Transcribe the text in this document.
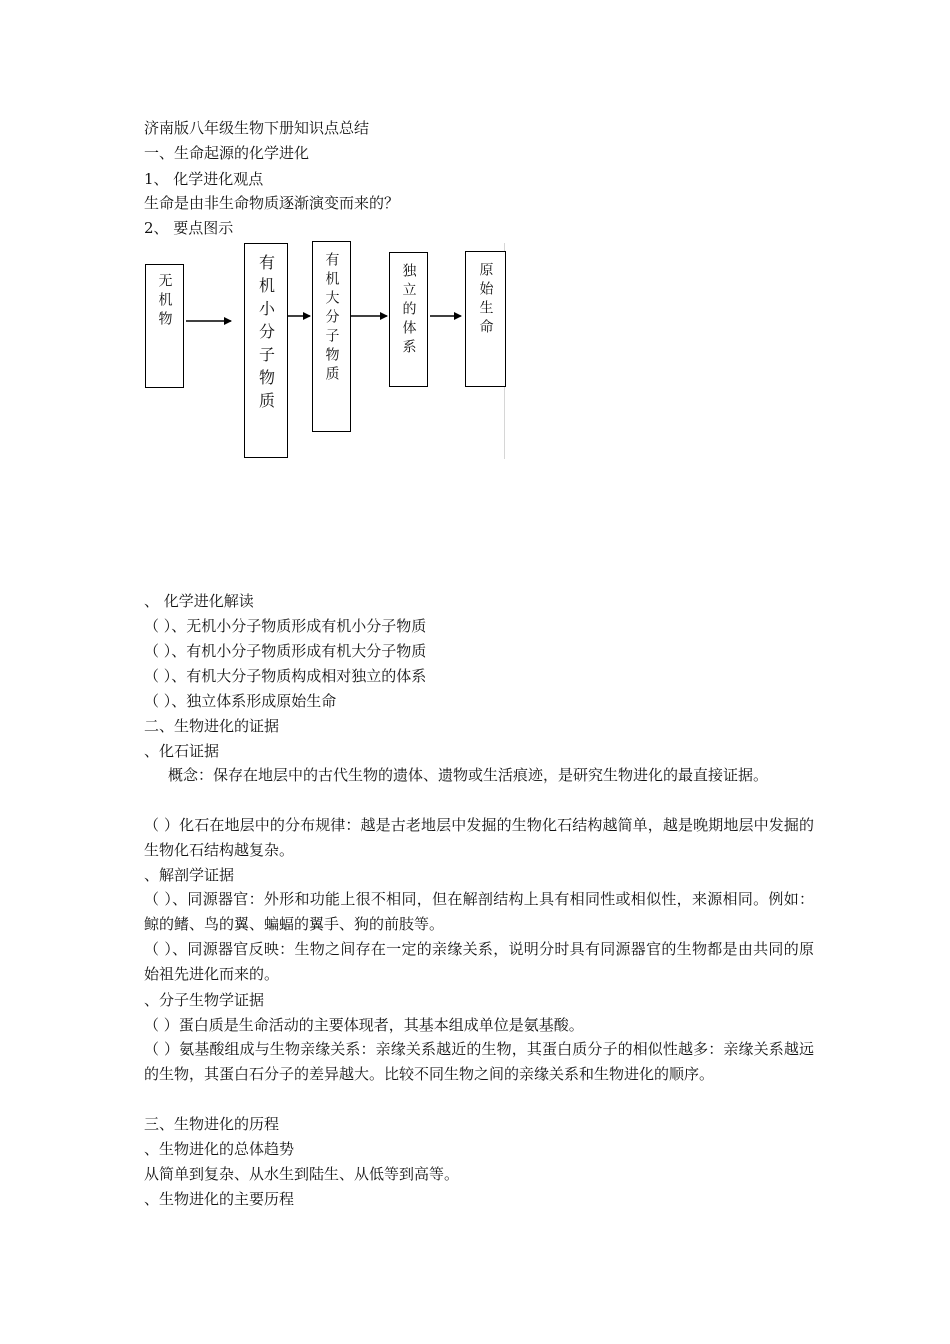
济南版八年级生物下册知识点总结
一、生命起源的化学进化
1、 化学进化观点
生命是由非生命物质逐渐演变而来的？
2、 要点图示
无机物	有机小分子物质	有机大分子物质	独立的体系	原始生命
、 化学进化解读
（ ）、无机小分子物质形成有机小分子物质
（ ）、有机小分子物质形成有机大分子物质
（ ）、有机大分子物质构成相对独立的体系
（ ）、独立体系形成原始生命
二、生物进化的证据
、化石证据
概念：保存在地层中的古代生物的遗体、遗物或生活痕迹，是研究生物进化的最直接证据。
（ ）化石在地层中的分布规律：越是古老地层中发掘的生物化石结构越简单，越是晚期地层中发掘的生物化石结构越复杂。
、解剖学证据
（ ）、同源器官：外形和功能上很不相同，但在解剖结构上具有相同性或相似性，来源相同。例如：鲸的鳍、鸟的翼、蝙蝠的翼手、狗的前肢等。
（ ）、同源器官反映：生物之间存在一定的亲缘关系，说明分时具有同源器官的生物都是由共同的原始祖先进化而来的。
、分子生物学证据
（ ）蛋白质是生命活动的主要体现者，其基本组成单位是氨基酸。
（ ）氨基酸组成与生物亲缘关系：亲缘关系越近的生物，其蛋白质分子的相似性越多：亲缘关系越远的生物，其蛋白石分子的差异越大。比较不同生物之间的亲缘关系和生物进化的顺序。
三、生物进化的历程
、生物进化的总体趋势
从简单到复杂、从水生到陆生、从低等到高等。
、生物进化的主要历程
